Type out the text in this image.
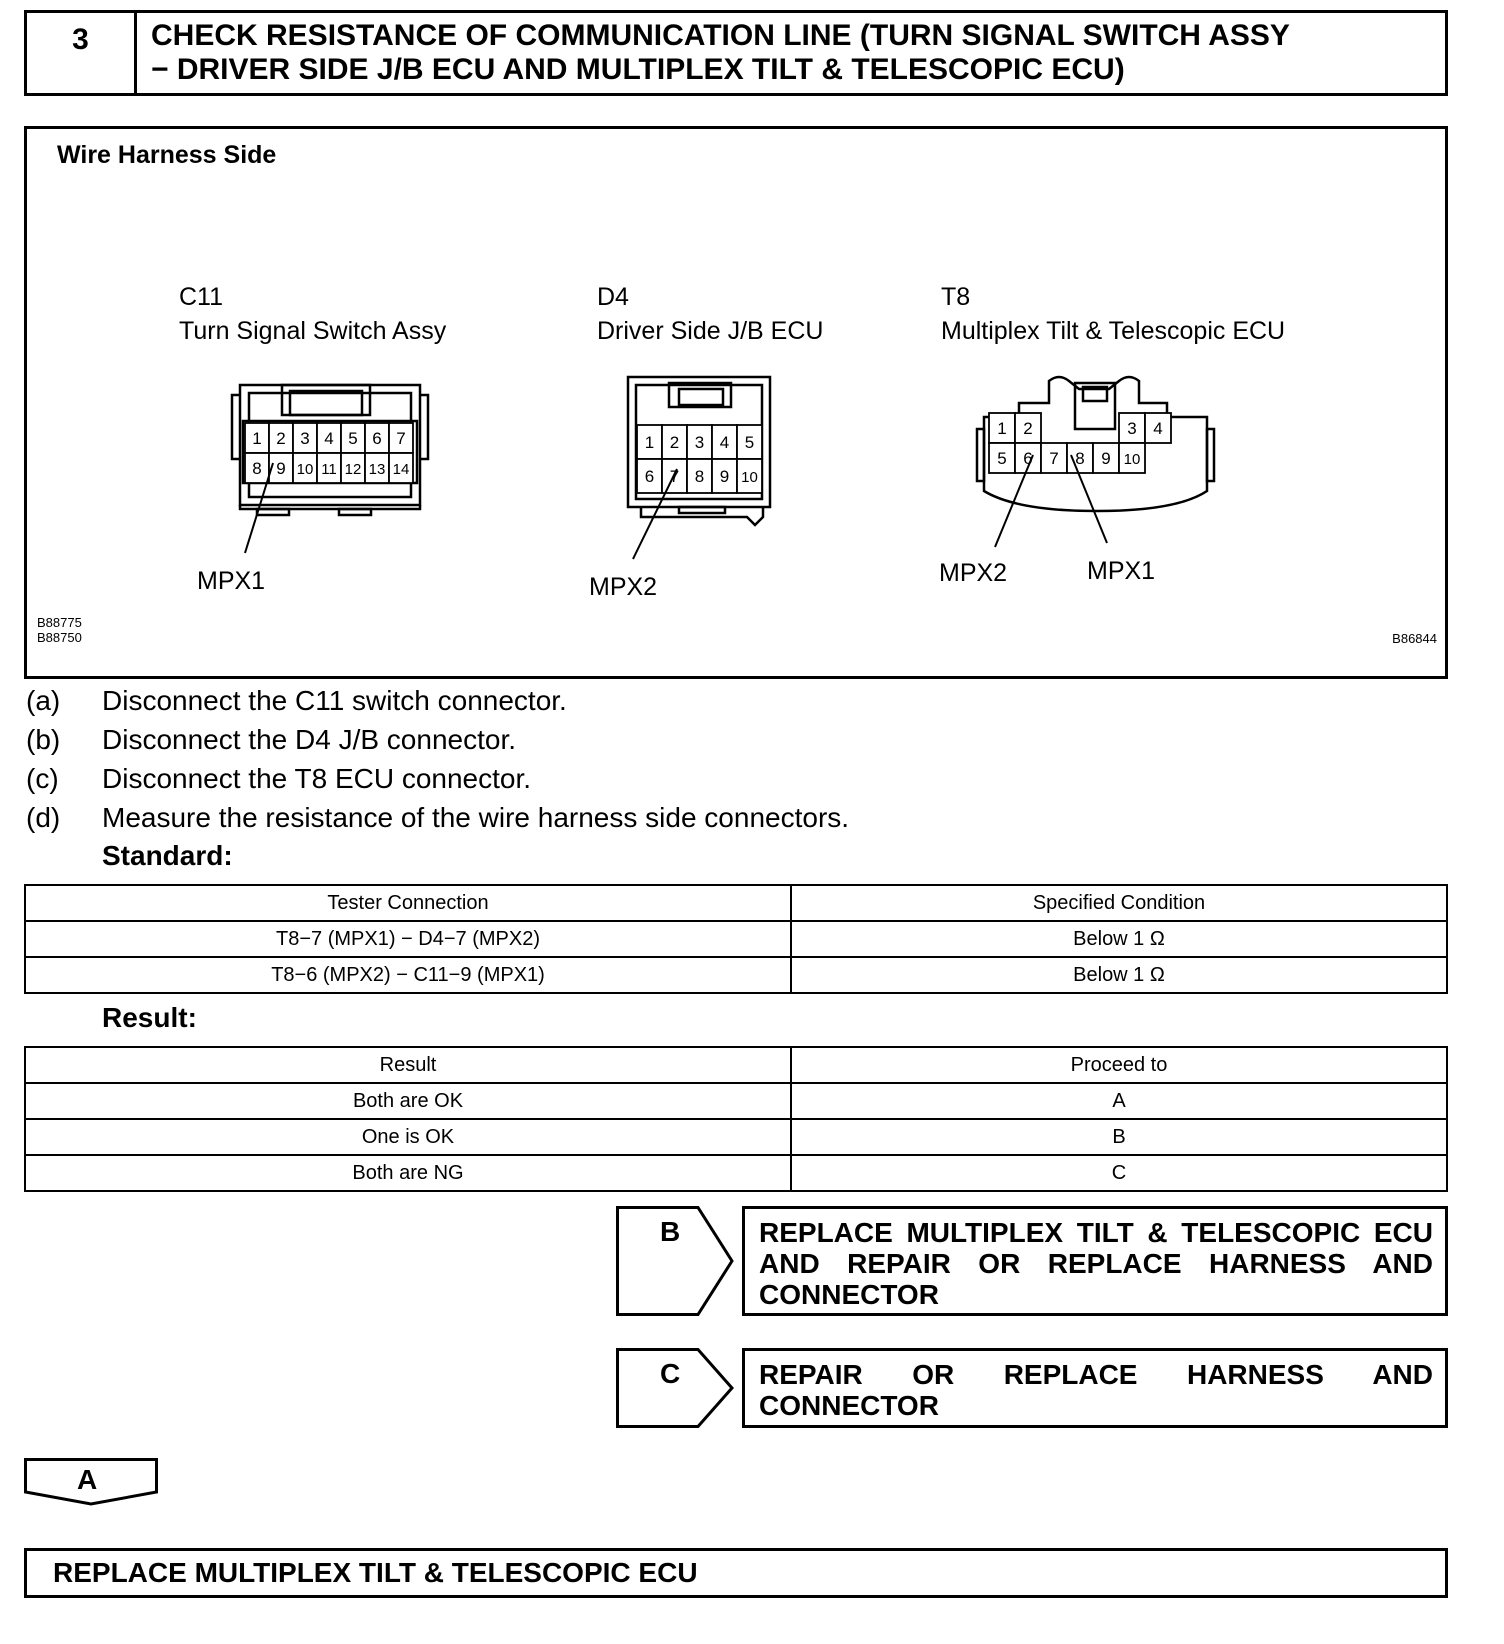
3	CHECK RESISTANCE OF COMMUNICATION LINE (TURN SIGNAL SWITCH ASSY
− DRIVER SIDE J/B ECU AND MULTIPLEX TILT & TELESCOPIC ECU)
Wire Harness Side
C11
Turn Signal Switch Assy
D4
Driver Side J/B ECU
T8
Multiplex Tilt & Telescopic ECU
1 2 3 4 5 6 7
8 9 10 11 12 13 14
1 2 3 4 5
6 7 8 9 10
1 2	3 4
5 6 7 8 9 10
MPX1	MPX2	MPX2	MPX1
B88775
B88750	B86844
(a) Disconnect the C11 switch connector.
(b) Disconnect the D4 J/B connector.
(c) Disconnect the T8 ECU connector.
(d) Measure the resistance of the wire harness side connectors.
Standard:
Tester Connection	Specified Condition
T8−7 (MPX1) − D4−7 (MPX2)	Below 1 Ω
T8−6 (MPX2) − C11−9 (MPX1)	Below 1 Ω
Result:
Result	Proceed to
Both are OK	A
One is OK	B
Both are NG	C
B	REPLACE MULTIPLEX TILT & TELESCOPIC ECU AND REPAIR OR REPLACE HARNESS AND CONNECTOR
C	REPAIR OR REPLACE HARNESS AND CONNECTOR
A
REPLACE MULTIPLEX TILT & TELESCOPIC ECU
